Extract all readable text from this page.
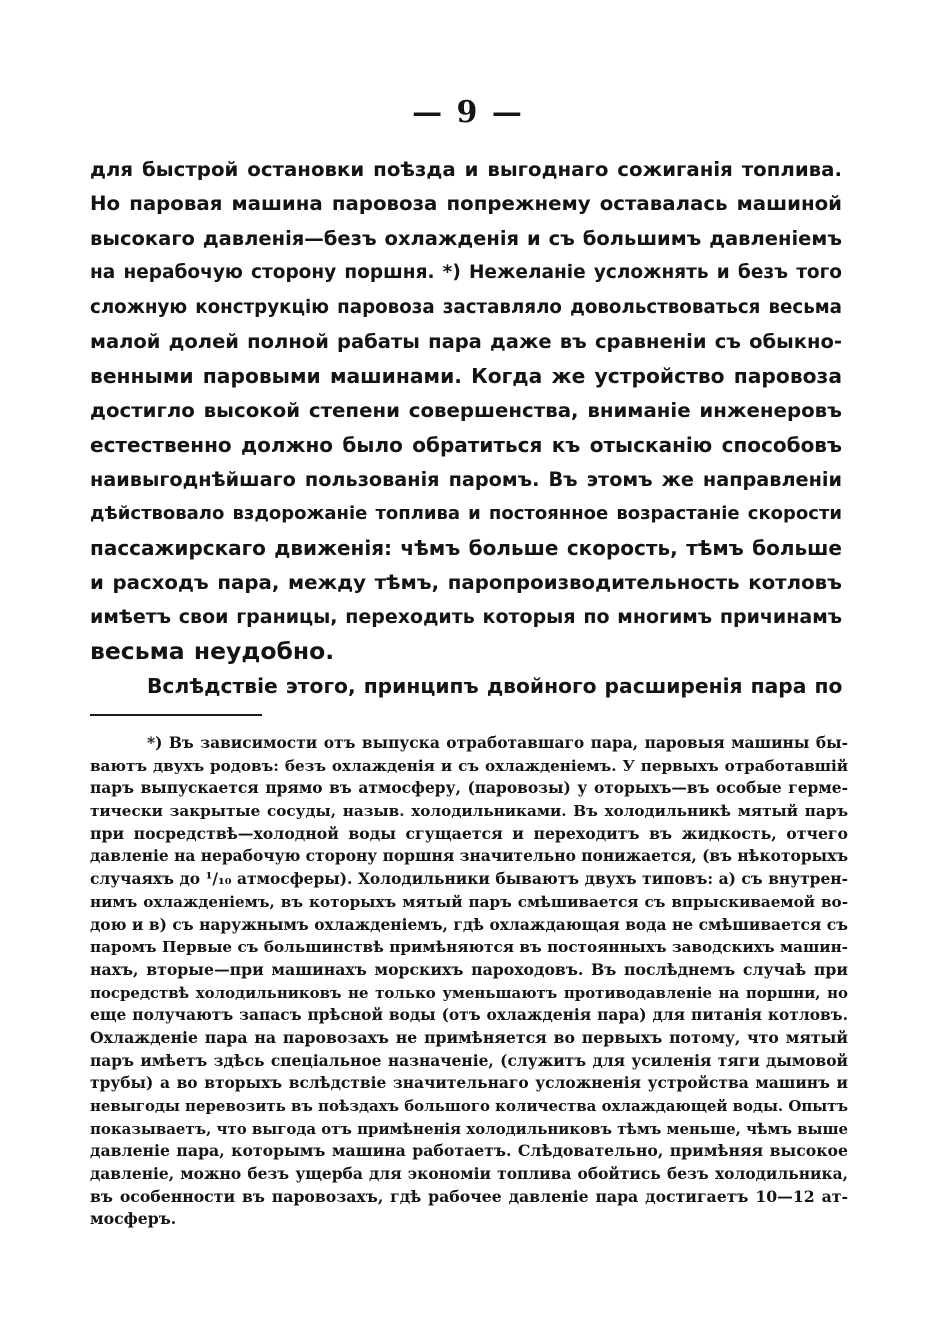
— 9 —
для быстрой остановки поѣзда и выгоднаго сожиганія топлива.
Но паровая машина паровоза попрежнему оставалась машиной
высокаго давленія—безъ охлажденія и съ большимъ давленіемъ
на нерабочую сторону поршня. *) Нежеланіе усложнять и безъ того
сложную конструкцію паровоза заставляло довольствоваться весьма
малой долей полной рабаты пара даже въ сравненіи съ обыкно-
венными паровыми машинами. Когда же устройство паровоза
достигло высокой степени совершенства, вниманіе инженеровъ
естественно должно было обратиться къ отысканію способовъ
наивыгоднѣйшаго пользованія паромъ. Въ этомъ же направленіи
дѣйствовало вздорожаніе топлива и постоянное возрастаніе скорости
пассажирскаго движенія: чѣмъ больше скорость, тѣмъ больше
и расходъ пара, между тѣмъ, паропроизводительность котловъ
имѣетъ свои границы, переходить которыя по многимъ причинамъ
весьма неудобно.
Вслѣдствіе этого, принципъ двойного расширенія пара по
*) Въ зависимости отъ выпуска отработавшаго пара, паровыя машины бы-
ваютъ двухъ родовъ: безъ охлажденія и съ охлажденіемъ. У первыхъ отработавшій
паръ выпускается прямо въ атмосферу, (паровозы) у оторыхъ—въ особые герме-
тически закрытые сосуды, назыв. холодильниками. Въ холодильникѣ мятый паръ
при посредствѣ—холодной воды сгущается и переходитъ въ жидкость, отчего
давленіе на нерабочую сторону поршня значительно понижается, (въ нѣкоторыхъ
случаяхъ до ¹/₁₀ атмосферы). Холодильники бываютъ двухъ типовъ: а) съ внутрен-
нимъ охлажденіемъ, въ которыхъ мятый паръ смѣшивается съ впрыскиваемой во-
дою и в) съ наружнымъ охлажденіемъ, гдѣ охлаждающая вода не смѣшивается съ
паромъ Первые съ большинствѣ примѣняются въ постоянныхъ заводскихъ машин-
нахъ, вторые—при машинахъ морскихъ пароходовъ. Въ послѣднемъ случаѣ при
посредствѣ холодильниковъ не только уменьшаютъ противодавленіе на поршни, но
еще получаютъ запасъ прѣсной воды (отъ охлажденія пара) для питанія котловъ.
Охлажденіе пара на паровозахъ не примѣняется во первыхъ потому, что мятый
паръ имѣетъ здѣсь спеціальное назначеніе, (служитъ для усиленія тяги дымовой
трубы) а во вторыхъ вслѣдствіе значительнаго усложненія устройства машинъ и
невыгоды перевозить въ поѣздахъ большого количества охлаждающей воды. Опытъ
показываетъ, что выгода отъ примѣненія холодильниковъ тѣмъ меньше, чѣмъ выше
давленіе пара, которымъ машина работаетъ. Слѣдовательно, примѣняя высокое
давленіе, можно безъ ущерба для экономіи топлива обойтись безъ холодильника,
въ особенности въ паровозахъ, гдѣ рабочее давленіе пара достигаетъ 10—12 ат-
мосферъ.
